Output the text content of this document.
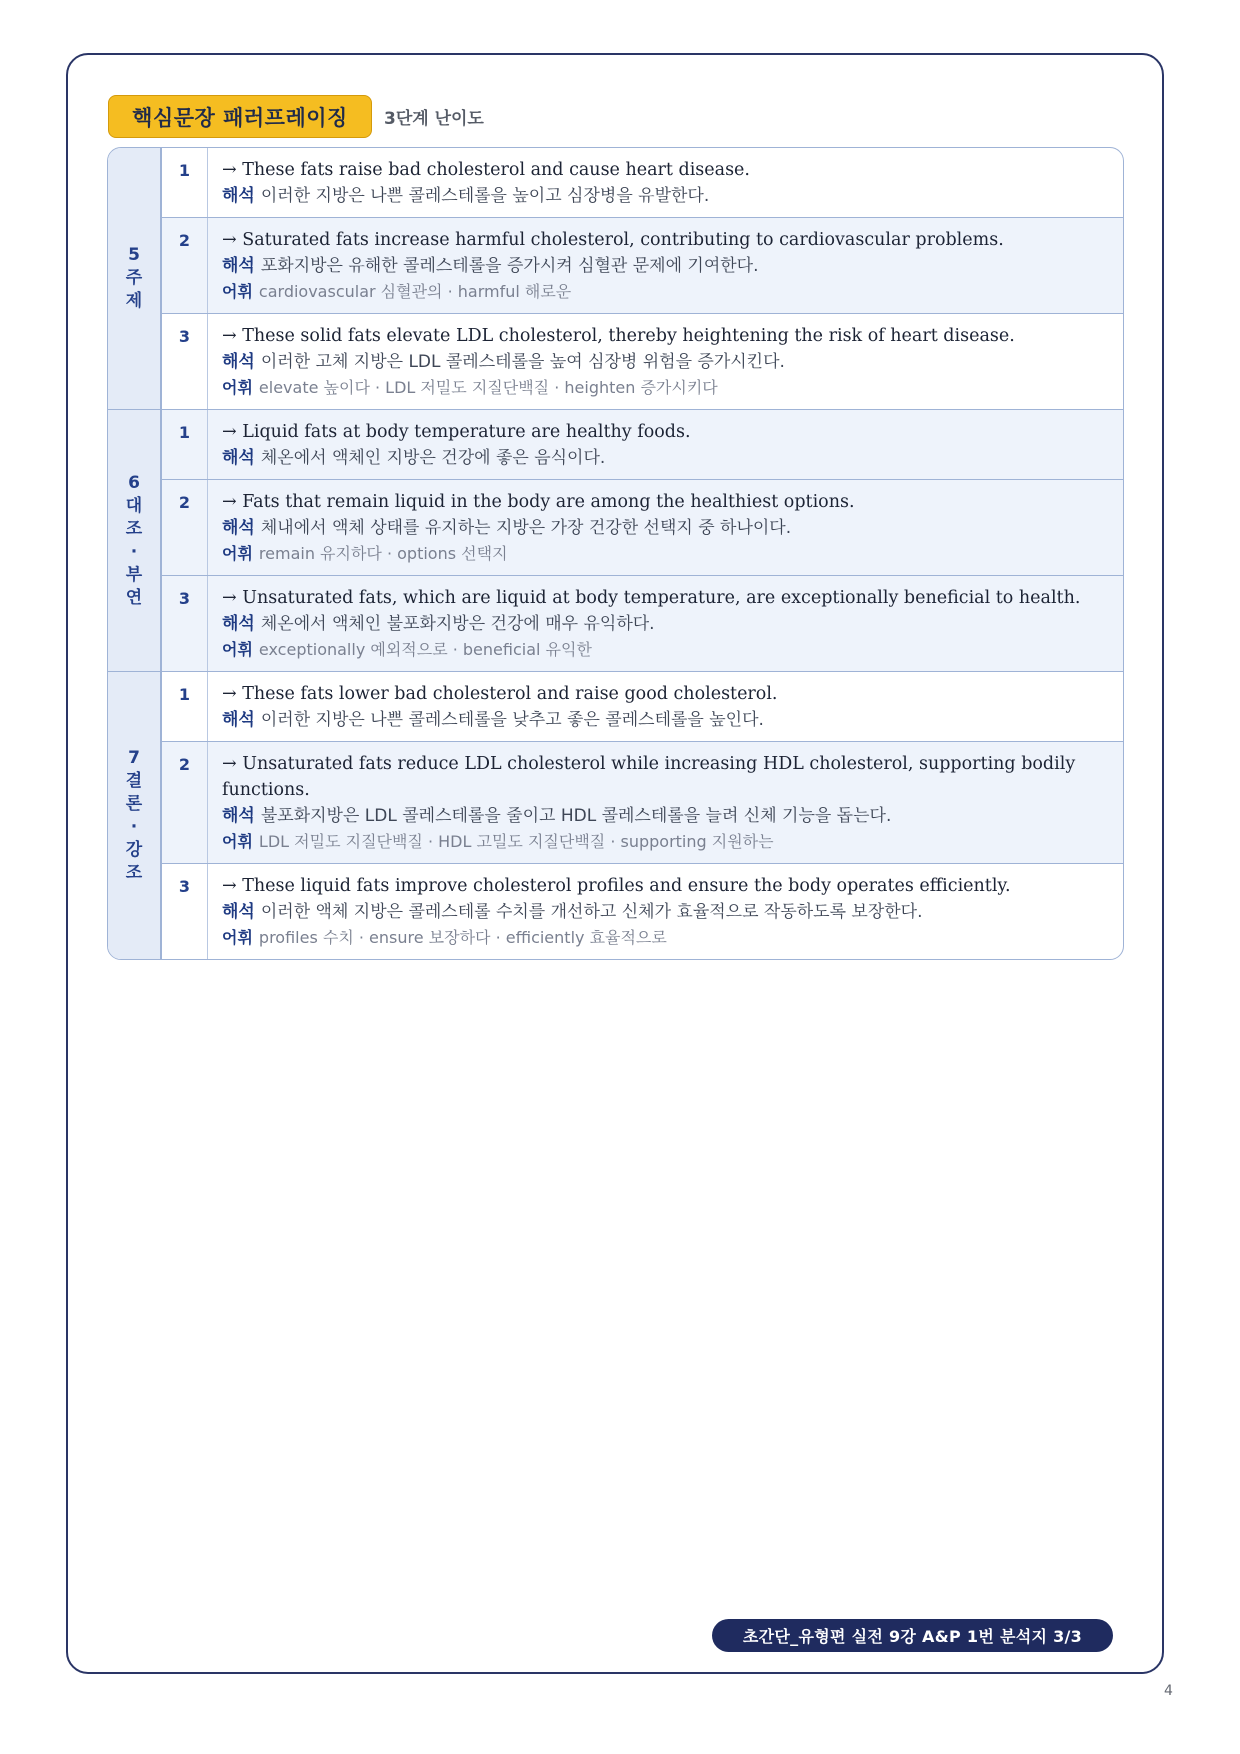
핵심문장 패러프레이징	3단계 난이도
5주제
1	→ These fats raise bad cholesterol and cause heart disease.
해석 이러한 지방은 나쁜 콜레스테롤을 높이고 심장병을 유발한다.
2	→ Saturated fats increase harmful cholesterol, contributing to cardiovascular problems.
해석 포화지방은 유해한 콜레스테롤을 증가시켜 심혈관 문제에 기여한다.
어휘 cardiovascular 심혈관의 · harmful 해로운
3	→ These solid fats elevate LDL cholesterol, thereby heightening the risk of heart disease.
해석 이러한 고체 지방은 LDL 콜레스테롤을 높여 심장병 위험을 증가시킨다.
어휘 elevate 높이다 · LDL 저밀도 지질단백질 · heighten 증가시키다
6대조·부연
1	→ Liquid fats at body temperature are healthy foods.
해석 체온에서 액체인 지방은 건강에 좋은 음식이다.
2	→ Fats that remain liquid in the body are among the healthiest options.
해석 체내에서 액체 상태를 유지하는 지방은 가장 건강한 선택지 중 하나이다.
어휘 remain 유지하다 · options 선택지
3	→ Unsaturated fats, which are liquid at body temperature, are exceptionally beneficial to health.
해석 체온에서 액체인 불포화지방은 건강에 매우 유익하다.
어휘 exceptionally 예외적으로 · beneficial 유익한
7결론·강조
1	→ These fats lower bad cholesterol and raise good cholesterol.
해석 이러한 지방은 나쁜 콜레스테롤을 낮추고 좋은 콜레스테롤을 높인다.
2	→ Unsaturated fats reduce LDL cholesterol while increasing HDL cholesterol, supporting bodily functions.
해석 불포화지방은 LDL 콜레스테롤을 줄이고 HDL 콜레스테롤을 늘려 신체 기능을 돕는다.
어휘 LDL 저밀도 지질단백질 · HDL 고밀도 지질단백질 · supporting 지원하는
3	→ These liquid fats improve cholesterol profiles and ensure the body operates efficiently.
해석 이러한 액체 지방은 콜레스테롤 수치를 개선하고 신체가 효율적으로 작동하도록 보장한다.
어휘 profiles 수치 · ensure 보장하다 · efficiently 효율적으로
초간단_유형편 실전 9강 A&P 1번 분석지 3/3
4
